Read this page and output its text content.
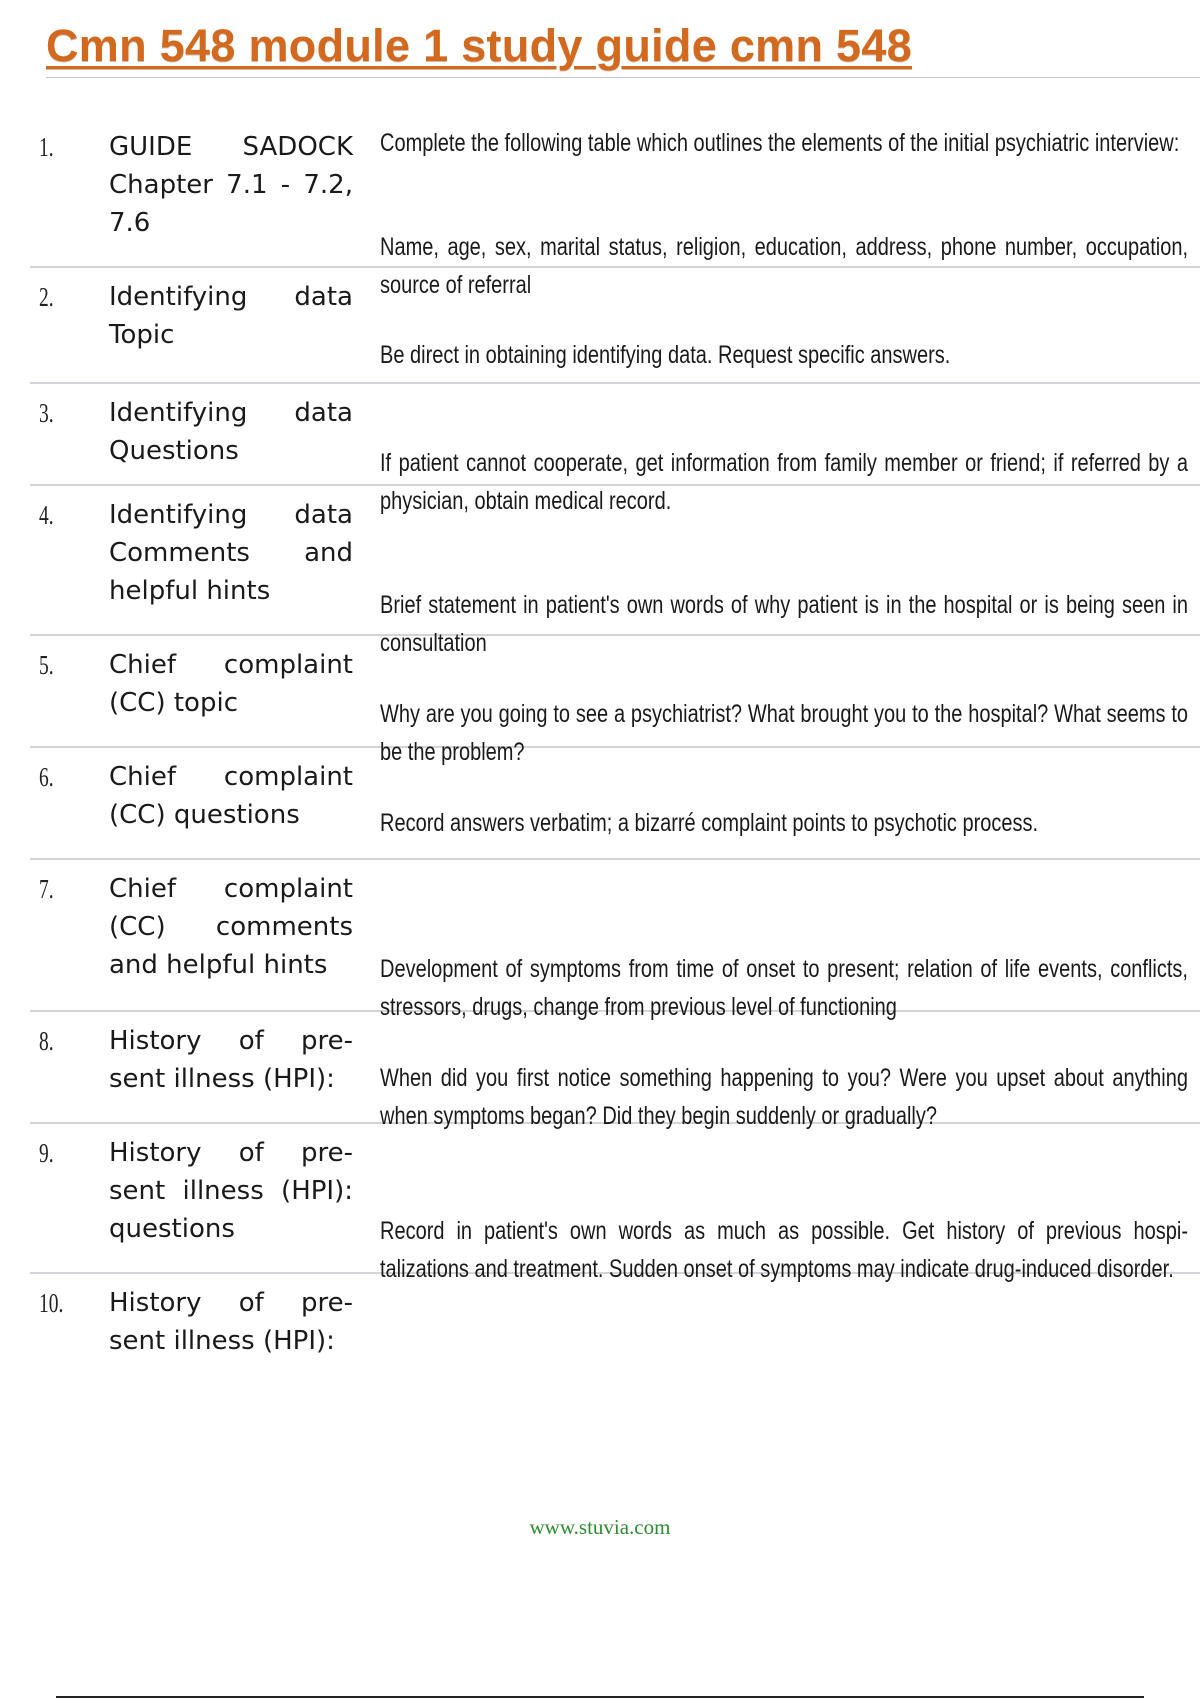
Cmn 548 module 1 study guide cmn 548
1. GUIDE SADOCK Chapter 7.1 - 7.2, 7.6
2. Identifying data Topic
3. Identifying data Questions
4. Identifying data Comments and helpful hints
5. Chief complaint (CC) topic
6. Chief complaint (CC) questions
7. Chief complaint (CC) comments and helpful hints
8. History of pre- sent illness (HPI):
9. History of pre- sent illness (HPI): questions
10. History of pre- sent illness (HPI):
Complete the following table which outlines the elements of the initial psychiatric interview:
Name, age, sex, marital status, religion, education, address, phone number, occupation, source of referral
Be direct in obtaining identifying data. Request specific answers.
If patient cannot cooperate, get information from family member or friend; if referred by a physician, obtain medical record.
Brief statement in patient's own words of why patient is in the hospital or is being seen in consultation
Why are you going to see a psychiatrist? What brought you to the hospital? What seems to be the problem?
Record answers verbatim; a bizarré complaint points to psychotic process.
Development of symptoms from time of onset to present; relation of life events, conflicts, stressors, drugs, change from previous level of functioning
When did you first notice something happening to you? Were you upset about anything when symptoms began? Did they begin suddenly or gradually?
Record in patient's own words as much as possible. Get history of previous hospi- talizations and treatment. Sudden onset of symptoms may indicate drug-induced disorder.
www.stuvia.com
